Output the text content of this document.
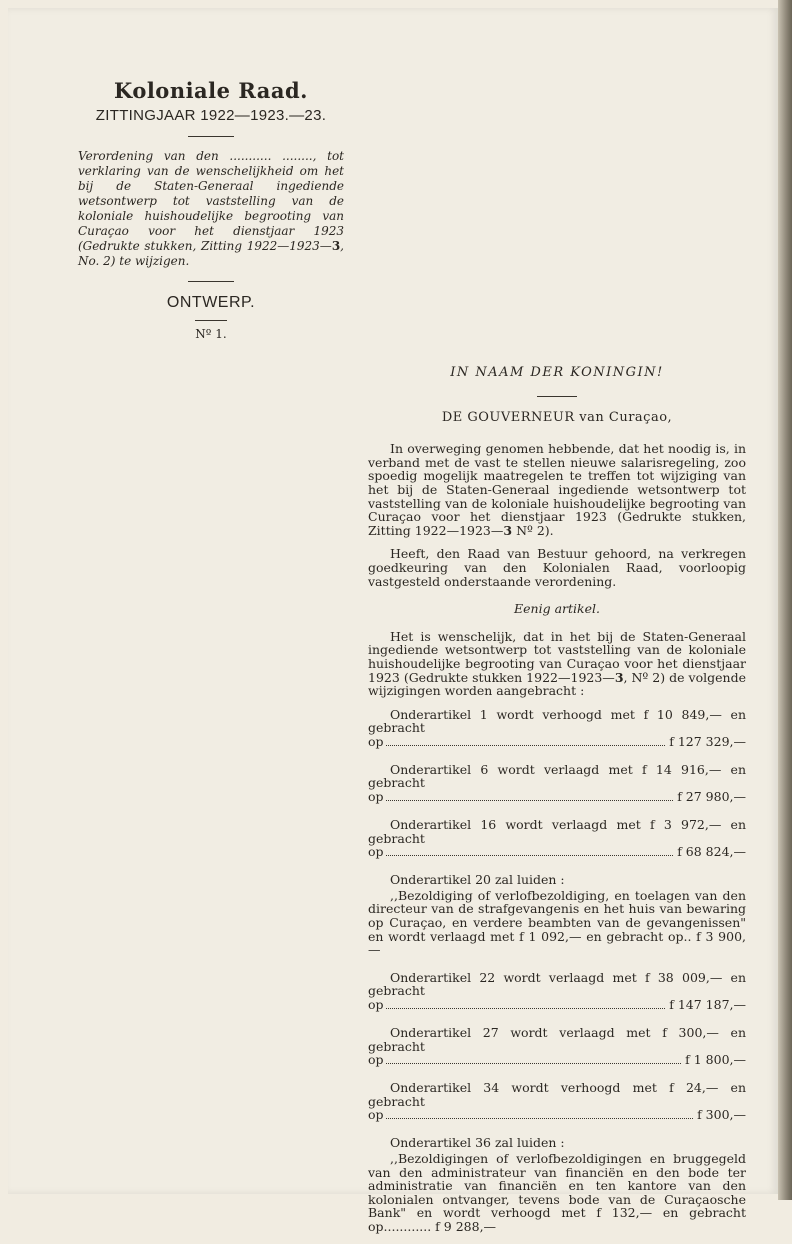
Koloniale Raad.
ZITTINGJAAR 1922—1923.—23.

Verordening van den ........... ........, tot verklaring van de wenschelijkheid om het bij de Staten-Generaal ingediende wetsontwerp tot vaststelling van de koloniale huishoudelijke begrooting van Curaçao voor het dienstjaar 1923 (Gedrukte stukken, Zitting 1922—1923—3, No. 2) te wijzigen.

ONTWERP.
Nº 1.
IN NAAM DER KONINGIN!
DE GOUVERNEUR van Curaçao,

In overweging genomen hebbende, dat het noodig is, in verband met de vast te stellen nieuwe salarisregeling, zoo spoedig mogelijk maatregelen te treffen tot wijziging van het bij de Staten-Generaal ingediende wetsontwerp tot vaststelling van de koloniale huishoudelijke begrooting van Curaçao voor het dienstjaar 1923 (Gedrukte stukken, Zitting 1922—1923—3 Nº 2).

Heeft, den Raad van Bestuur gehoord, na verkregen goedkeuring van den Kolonialen Raad, voorloopig vastgesteld onderstaande verordening.

Eenig artikel.

Het is wenschelijk, dat in het bij de Staten-Generaal ingediende wetsontwerp tot vaststelling van de koloniale huishoudelijke begrooting van Curaçao voor het dienstjaar 1923 (Gedrukte stukken 1922—1923—3, Nº 2) de volgende wijzigingen worden aangebracht :

Onderartikel 1 wordt verhoogd met f 10 849,— en gebracht
op	f 127 329,—
Onderartikel 6 wordt verlaagd met f 14 916,— en gebracht
op	f 27 980,—
Onderartikel 16 wordt verlaagd met f 3 972,— en gebracht
op	f 68 824,—

Onderartikel 20 zal luiden :

,,Bezoldiging of verlofbezoldiging, en toelagen van den directeur van de strafgevangenis en het huis van bewaring op Curaçao, en verdere beambten van de gevangenissen" en wordt verlaagd met f 1 092,— en gebracht op.. f 3 900,—

Onderartikel 22 wordt verlaagd met f 38 009,— en gebracht
op	f 147 187,—
Onderartikel 27 wordt verlaagd met f 300,— en gebracht
op	f 1 800,—
Onderartikel 34 wordt verhoogd met f 24,— en gebracht
op	f 300,—

Onderartikel 36 zal luiden :

,,Bezoldigingen of verlofbezoldigingen en bruggegeld van den administrateur van financiën en den bode ter administratie van financiën en ten kantore van den kolonialen ontvanger, tevens bode van de Curaçaosche Bank" en wordt verhoogd met f 132,— en gebracht op............ f 9 288,—
